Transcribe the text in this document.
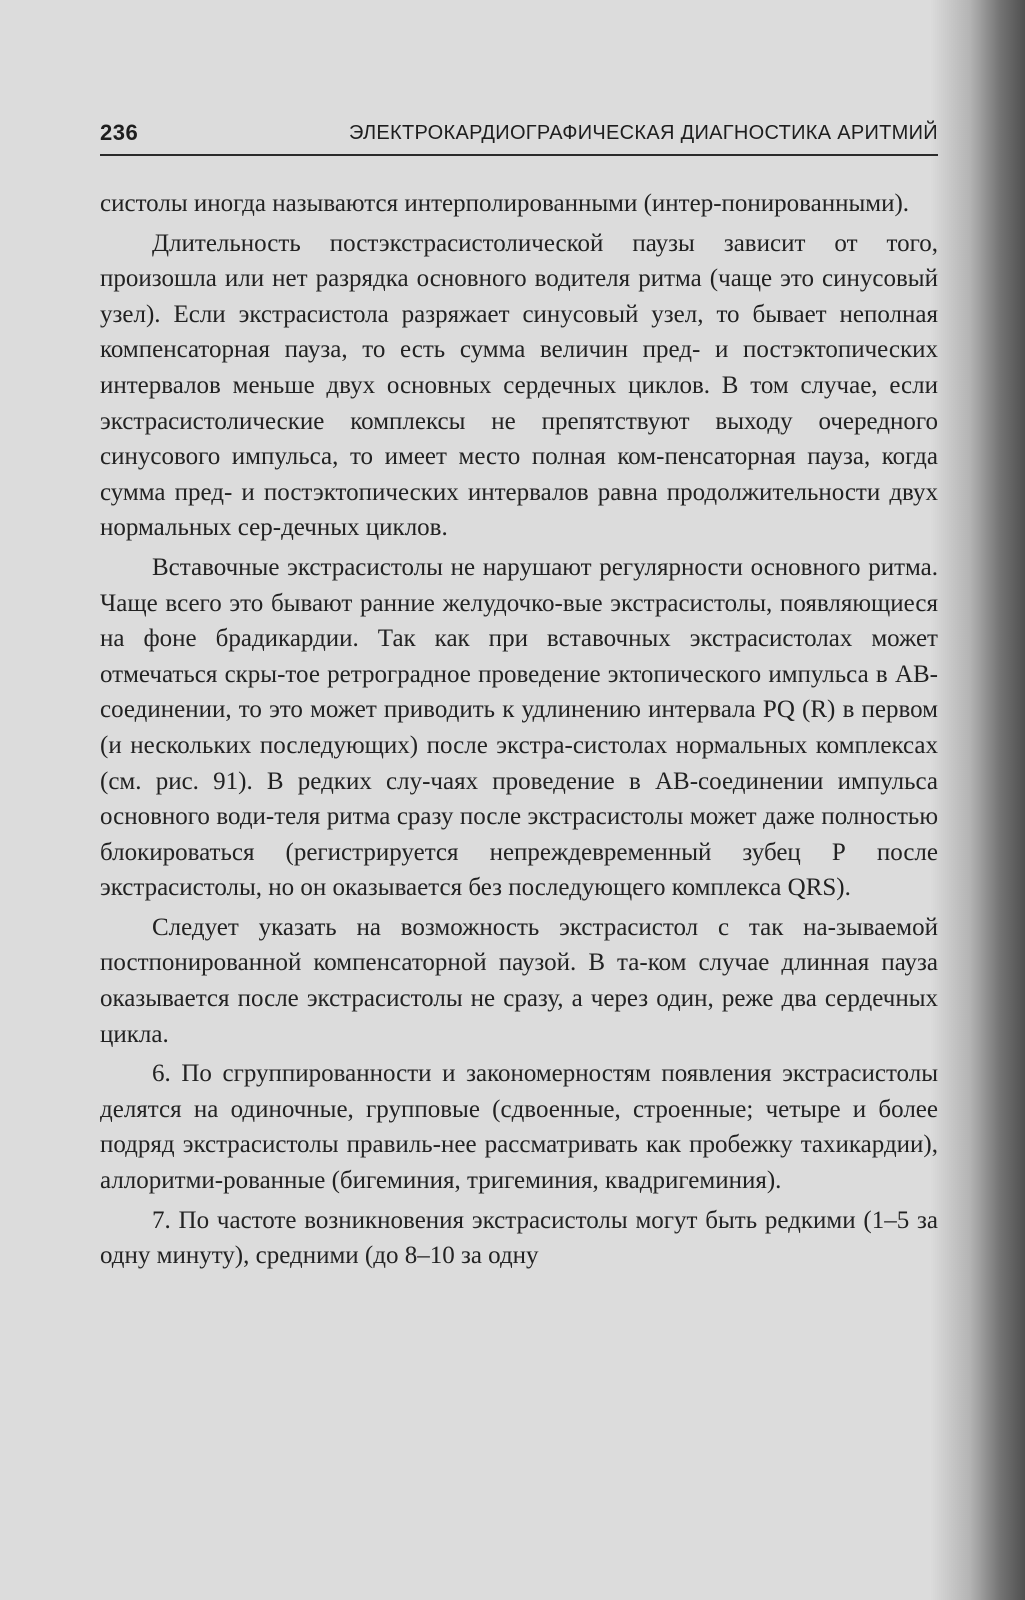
236	ЭЛЕКТРОКАРДИОГРАФИЧЕСКАЯ ДИАГНОСТИКА АРИТМИЙ

систолы иногда называются интерполированными (интер-понированными).

Длительность постэкстрасистолической паузы зависит от того, произошла или нет разрядка основного водителя ритма (чаще это синусовый узел). Если экстрасистола разряжает синусовый узел, то бывает неполная компенсаторная пауза, то есть сумма величин пред- и постэктопических интервалов меньше двух основных сердечных циклов. В том случае, если экстрасистолические комплексы не препятствуют выходу очередного синусового импульса, то имеет место полная ком-пенсаторная пауза, когда сумма пред- и постэктопических интервалов равна продолжительности двух нормальных сер-дечных циклов.

Вставочные экстрасистолы не нарушают регулярности основного ритма. Чаще всего это бывают ранние желудочко-вые экстрасистолы, появляющиеся на фоне брадикардии. Так как при вставочных экстрасистолах может отмечаться скры-тое ретроградное проведение эктопического импульса в АВ-соединении, то это может приводить к удлинению интервала PQ (R) в первом (и нескольких последующих) после экстра-систолах нормальных комплексах (см. рис. 91). В редких слу-чаях проведение в АВ-соединении импульса основного води-теля ритма сразу после экстрасистолы может даже полностью блокироваться (регистрируется непреждевременный зубец Р после экстрасистолы, но он оказывается без последующего комплекса QRS).

Следует указать на возможность экстрасистол с так на-зываемой постпонированной компенсаторной паузой. В та-ком случае длинная пауза оказывается после экстрасистолы не сразу, а через один, реже два сердечных цикла.

6. По сгруппированности и закономерностям появления экстрасистолы делятся на одиночные, групповые (сдвоенные, строенные; четыре и более подряд экстрасистолы правиль-нее рассматривать как пробежку тахикардии), аллоритми-рованные (бигеминия, тригеминия, квадригеминия).

7. По частоте возникновения экстрасистолы могут быть редкими (1–5 за одну минуту), средними (до 8–10 за одну
